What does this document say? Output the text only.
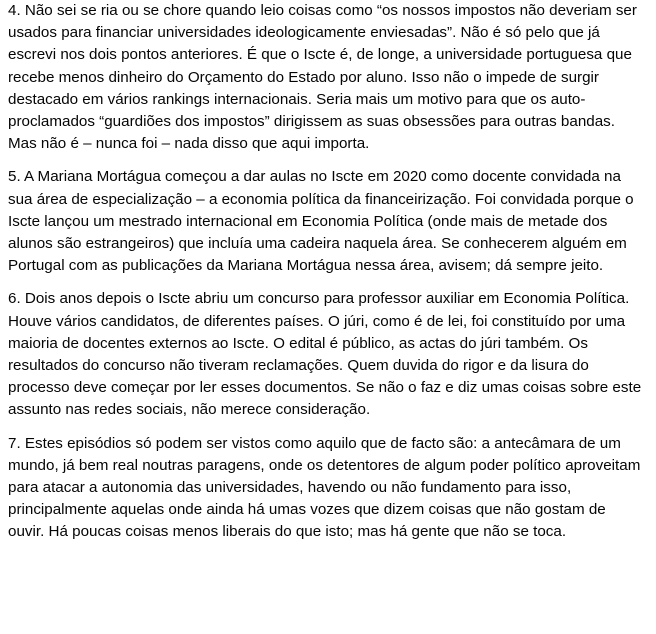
4. Não sei se ria ou se chore quando leio coisas como “os nossos impostos não deveriam ser usados para financiar universidades ideologicamente enviesadas”. Não é só pelo que já escrevi nos dois pontos anteriores. É que o Iscte é, de longe, a universidade portuguesa que recebe menos dinheiro do Orçamento do Estado por aluno. Isso não o impede de surgir destacado em vários rankings internacionais. Seria mais um motivo para que os auto-proclamados “guardiões dos impostos” dirigissem as suas obsessões para outras bandas. Mas não é – nunca foi – nada disso que aqui importa.

5. A Mariana Mortágua começou a dar aulas no Iscte em 2020 como docente convidada na sua área de especialização – a economia política da financeirização. Foi convidada porque o Iscte lançou um mestrado internacional em Economia Política (onde mais de metade dos alunos são estrangeiros) que incluía uma cadeira naquela área. Se conhecerem alguém em Portugal com as publicações da Mariana Mortágua nessa área, avisem; dá sempre jeito.

6. Dois anos depois o Iscte abriu um concurso para professor auxiliar em Economia Política. Houve vários candidatos, de diferentes países. O júri, como é de lei, foi constituído por uma maioria de docentes externos ao Iscte. O edital é público, as actas do júri também. Os resultados do concurso não tiveram reclamações. Quem duvida do rigor e da lisura do processo deve começar por ler esses documentos. Se não o faz e diz umas coisas sobre este assunto nas redes sociais, não merece consideração.

7. Estes episódios só podem ser vistos como aquilo que de facto são: a antecâmara de um mundo, já bem real noutras paragens, onde os detentores de algum poder político aproveitam para atacar a autonomia das universidades, havendo ou não fundamento para isso, principalmente aquelas onde ainda há umas vozes que dizem coisas que não gostam de ouvir. Há poucas coisas menos liberais do que isto; mas há gente que não se toca.
